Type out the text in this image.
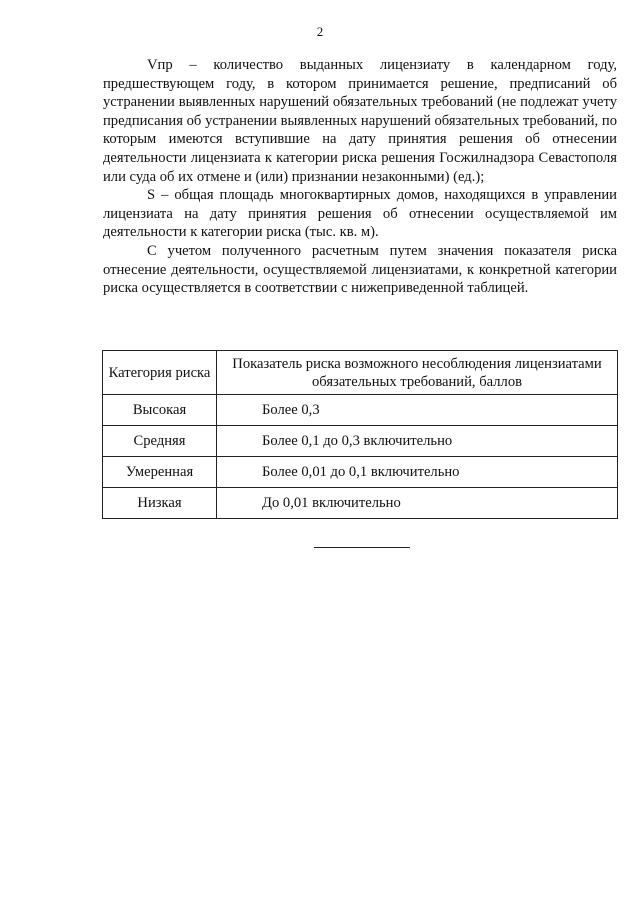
2

Vпр – количество выданных лицензиату в календарном году, предшествующем году, в котором принимается решение, предписаний об устранении выявленных нарушений обязательных требований (не подлежат учету предписания об устранении выявленных нарушений обязательных требований, по которым имеются вступившие на дату принятия решения об отнесении деятельности лицензиата к категории риска решения Госжилнадзора Севастополя или суда об их отмене и (или) признании незаконными) (ед.);

S – общая площадь многоквартирных домов, находящихся в управлении лицензиата на дату принятия решения об отнесении осуществляемой им деятельности к категории риска (тыс. кв. м).

С учетом полученного расчетным путем значения показателя риска отнесение деятельности, осуществляемой лицензиатами, к конкретной категории риска осуществляется в соответствии с нижеприведенной таблицей.

Категория риска	Показатель риска возможного несоблюдения лицензиатами обязательных требований, баллов
Высокая	Более 0,3
Средняя	Более 0,1 до 0,3 включительно
Умеренная	Более 0,01 до 0,1 включительно
Низкая	До 0,01 включительно
